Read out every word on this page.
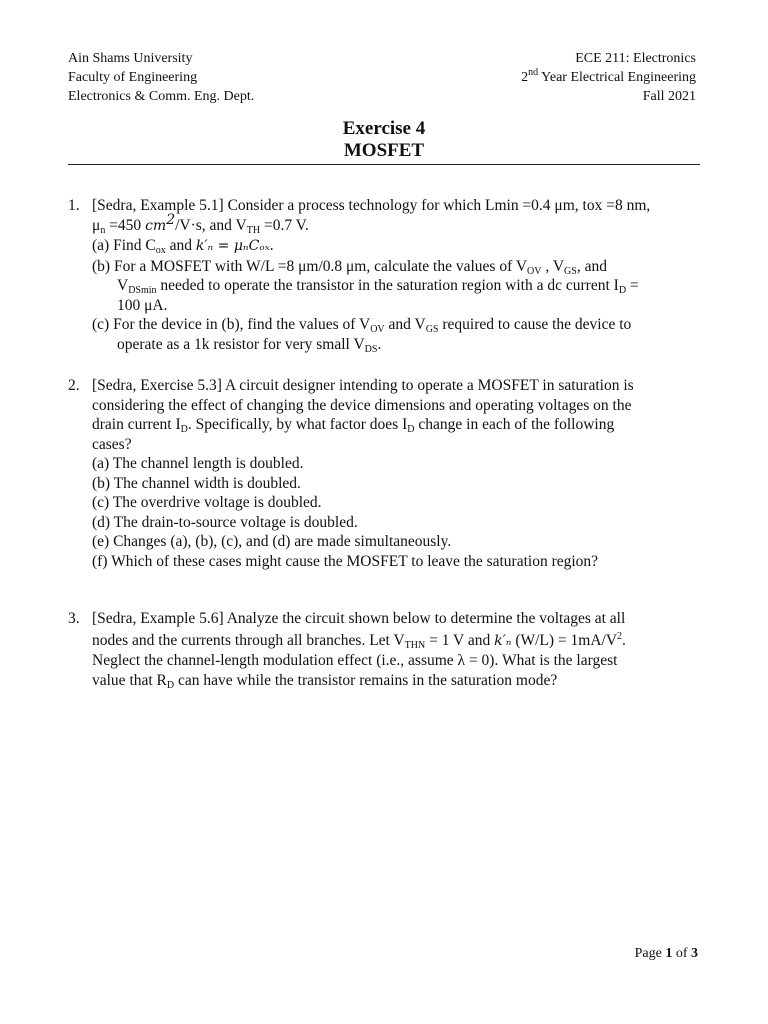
Ain Shams University
Faculty of Engineering
Electronics & Comm. Eng. Dept.
ECE 211: Electronics
2nd Year Electrical Engineering
Fall 2021
Exercise 4
MOSFET
1. [Sedra, Example 5.1] Consider a process technology for which Lmin =0.4 μm, tox =8 nm,
$\mu_n =450$ $cm^2/V\cdot s$, and $V_{TH} =0.7$ V.
(a) Find $C_{ox}$ and k′ₙ = μₙCₒₓ.
(b) For a MOSFET with W/L =8 μm/0.8 μm, calculate the values of $V_{OV}$ , $V_{GS}$, and
$V_{DSmin}$ needed to operate the transistor in the saturation region with a dc current $I_D$ =
100 μA.
(c) For the device in (b), find the values of $V_{OV}$ and $V_{GS}$ required to cause the device to
operate as a 1k resistor for very small $V_{DS}$.
2. [Sedra, Exercise 5.3] A circuit designer intending to operate a MOSFET in saturation is
considering the effect of changing the device dimensions and operating voltages on the
drain current $I_D$. Specifically, by what factor does $I_D$ change in each of the following
cases?
(a) The channel length is doubled.
(b) The channel width is doubled.
(c) The overdrive voltage is doubled.
(d) The drain-to-source voltage is doubled.
(e) Changes (a), (b), (c), and (d) are made simultaneously.
(f) Which of these cases might cause the MOSFET to leave the saturation region?
3. [Sedra, Example 5.6] Analyze the circuit shown below to determine the voltages at all
nodes and the currents through all branches. Let $V_{THN} = 1$ V and k′ₙ $(W/L) = 1mA/V^2$.
Neglect the channel-length modulation effect (i.e., assume λ = 0). What is the largest
value that $R_D$ can have while the transistor remains in the saturation mode?
Page 1 of 3
